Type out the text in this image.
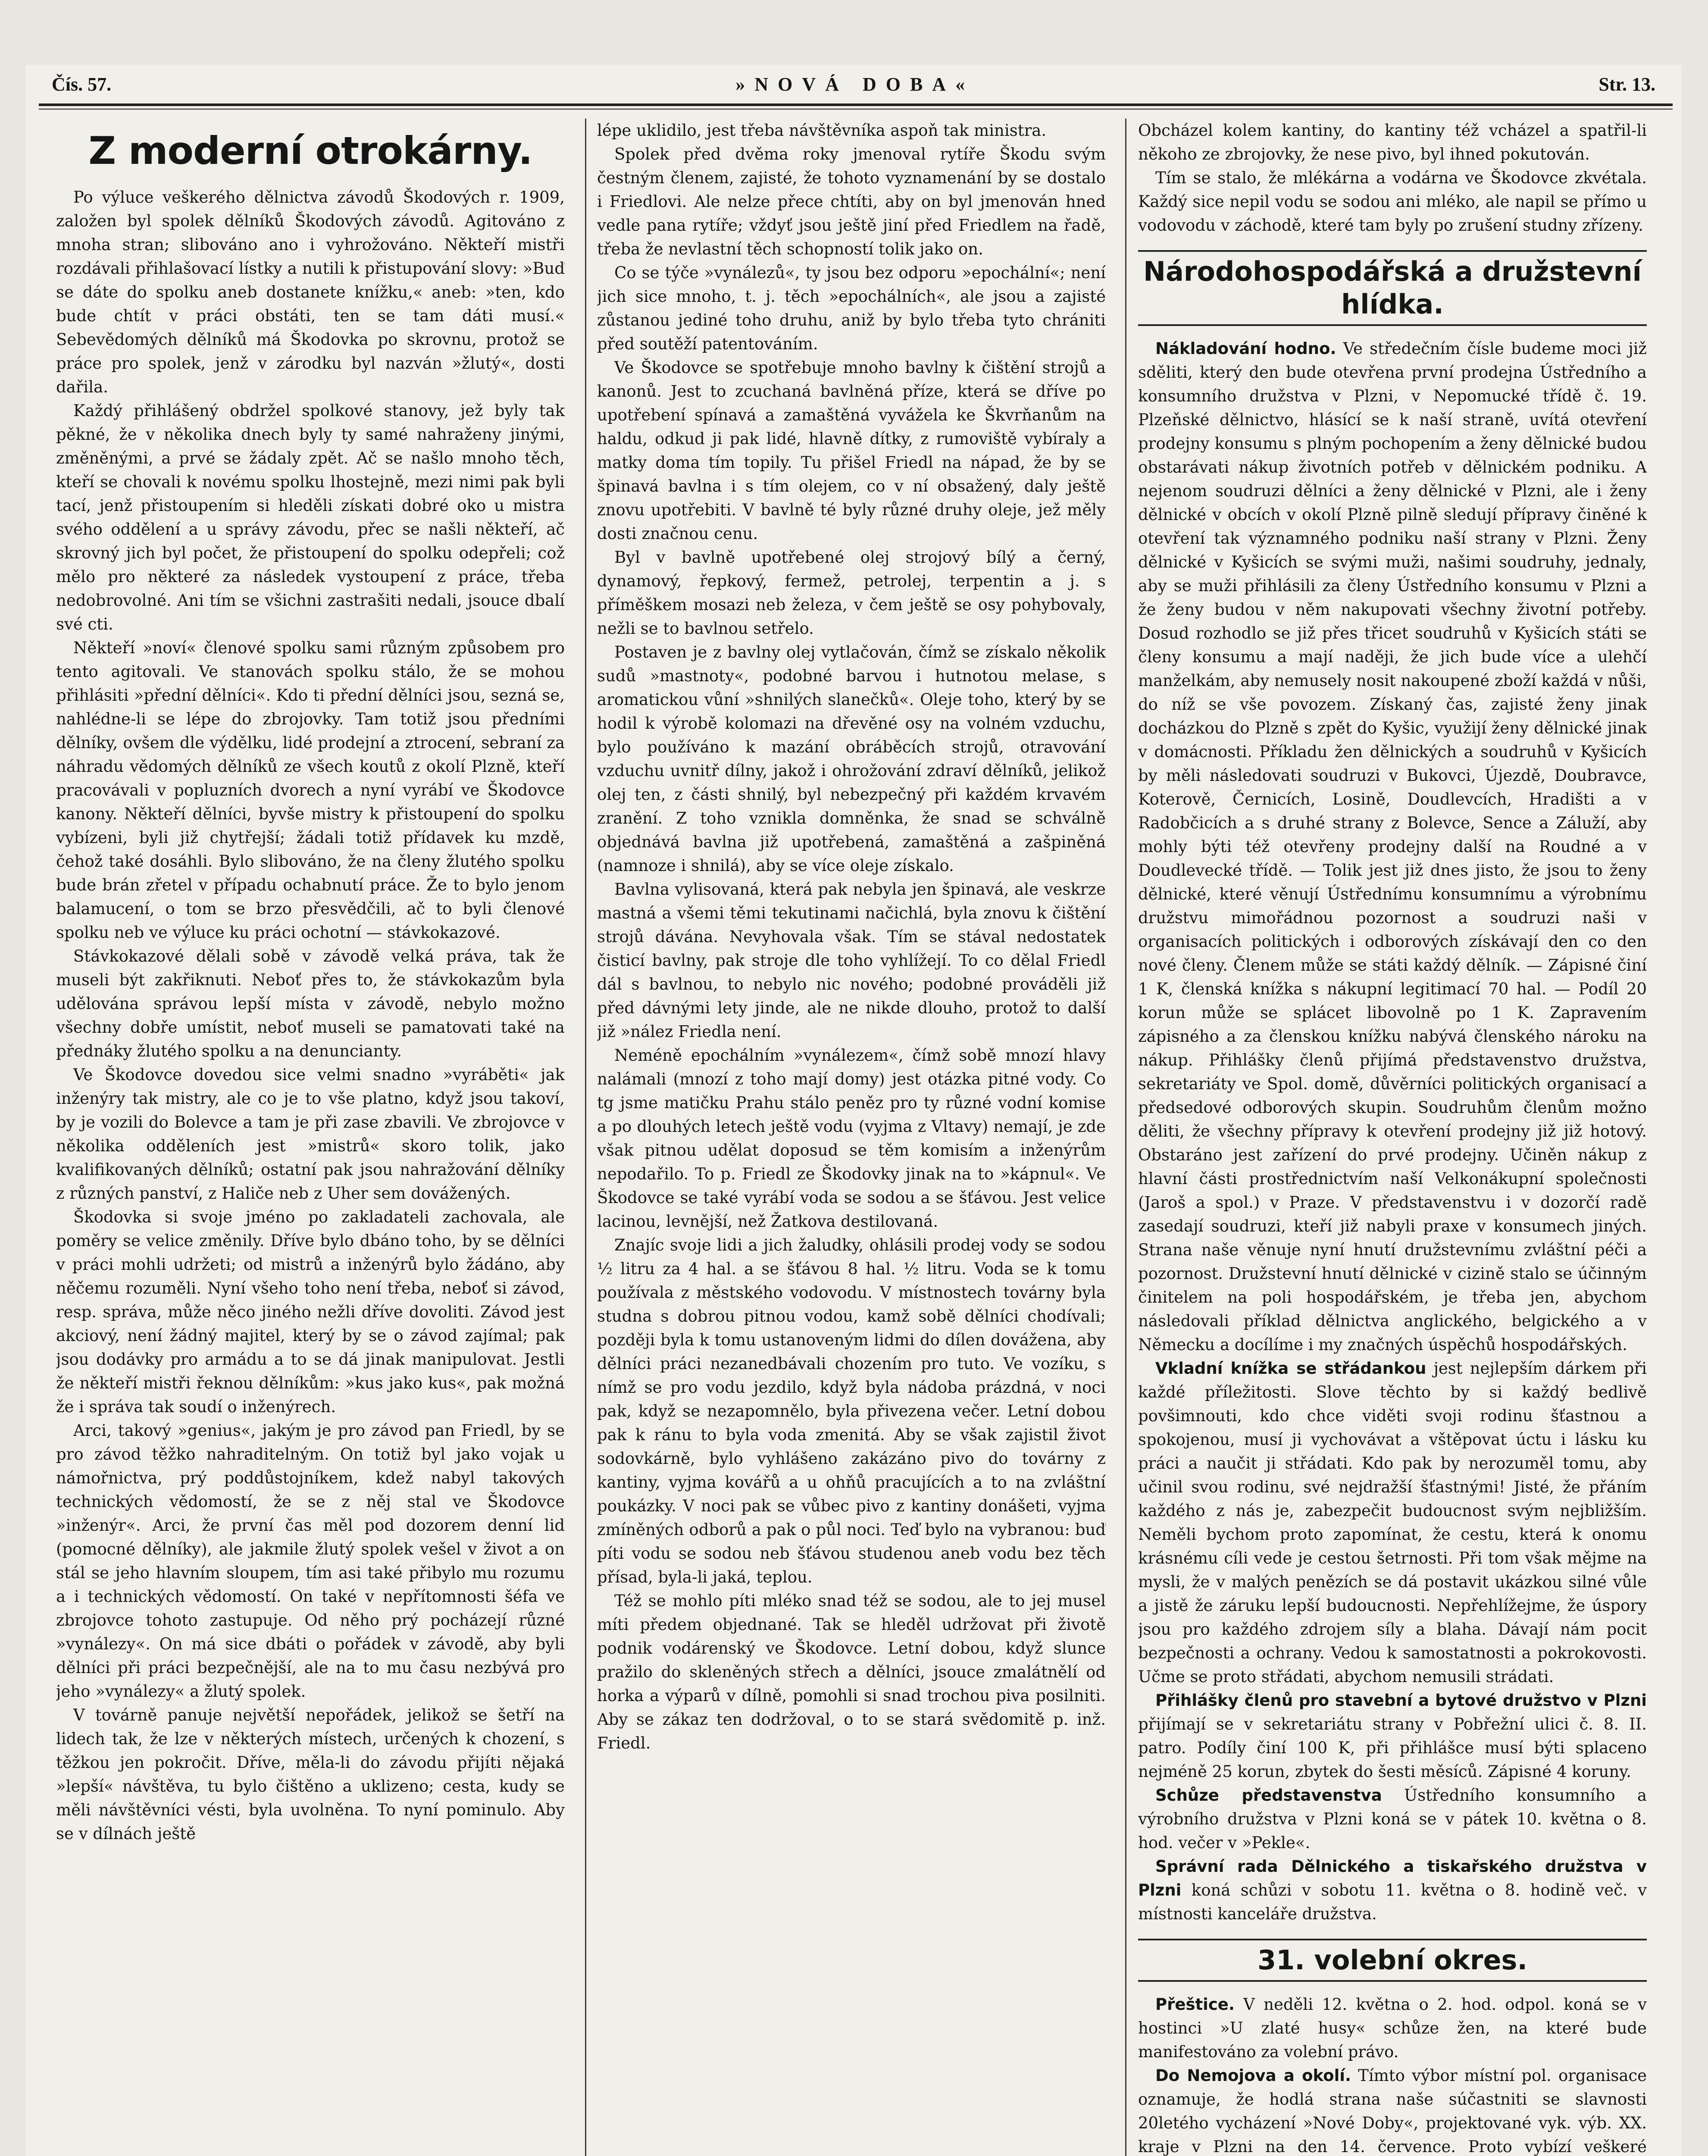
Čís. 57.	»NOVÁ DOBA«	Str. 13.
Z moderní otrokárny.

Po výluce veškerého dělnictva závodů Škodových r. 1909, založen byl spolek dělníků Škodových závodů. Agitováno z mnoha stran; slibováno ano i vyhrožováno. Někteří mistři rozdávali přihlašovací lístky a nutili k přistupování slovy: »Buď se dáte do spolku aneb dostanete knížku,« aneb: »ten, kdo bude chtít v práci obstáti, ten se tam dáti musí.« Sebevědomých dělníků má Škodovka po skrovnu, protož se práce pro spolek, jenž v zárodku byl nazván »žlutý«, dosti dařila.

Každý přihlášený obdržel spolkové stanovy, jež byly tak pěkné, že v několika dnech byly ty samé nahraženy jinými, změněnými, a prvé se žádaly zpět. Ač se našlo mnoho těch, kteří se chovali k novému spolku lhostejně, mezi nimi pak byli tací, jenž přistoupením si hleděli získati dobré oko u mistra svého oddělení a u správy závodu, přec se našli někteří, ač skrovný jich byl počet, že přistoupení do spolku odepřeli; což mělo pro některé za následek vystoupení z práce, třeba nedobrovolné. Ani tím se všichni zastrašiti nedali, jsouce dbalí své cti.

Někteří »noví« členové spolku sami různým způsobem pro tento agitovali. Ve stanovách spolku stálo, že se mohou přihlásiti »přední dělníci«. Kdo ti přední dělníci jsou, sezná se, nahlédne-li se lépe do zbrojovky. Tam totiž jsou předními dělníky, ovšem dle výdělku, lidé prodejní a ztrocení, sebraní za náhradu vědomých dělníků ze všech koutů z okolí Plzně, kteří pracovávali v popluzních dvorech a nyní vyrábí ve Škodovce kanony. Někteří dělníci, byvše mistry k přistoupení do spolku vybízeni, byli již chytřejší; žádali totiž přídavek ku mzdě, čehož také dosáhli. Bylo slibováno, že na členy žlutého spolku bude brán zřetel v případu ochabnutí práce. Že to bylo jenom balamucení, o tom se brzo přesvědčili, ač to byli členové spolku neb ve výluce ku práci ochotní — stávkokazové.

Stávkokazové dělali sobě v závodě velká práva, tak že museli být zakřiknuti. Neboť přes to, že stávkokazům byla udělována správou lepší místa v závodě, nebylo možno všechny dobře umístit, neboť museli se pamatovati také na přednáky žlutého spolku a na denuncianty.

Ve Škodovce dovedou sice velmi snadno »vyráběti« jak inženýry tak mistry, ale co je to vše platno, když jsou takoví, by je vozili do Bolevce a tam je při zase zbavili. Ve zbrojovce v několika odděleních jest »mistrů« skoro tolik, jako kvalifikovaných dělníků; ostatní pak jsou nahražování dělníky z různých panství, z Haliče neb z Uher sem dovážených.

Škodovka si svoje jméno po zakladateli zachovala, ale poměry se velice změnily. Dříve bylo dbáno toho, by se dělníci v práci mohli udržeti; od mistrů a inženýrů bylo žádáno, aby něčemu rozuměli. Nyní všeho toho není třeba, neboť si závod, resp. správa, může něco jiného nežli dříve dovoliti. Závod jest akciový, není žádný majitel, který by se o závod zajímal; pak jsou dodávky pro armádu a to se dá jinak manipulovat. Jestli že někteří mistři řeknou dělníkům: »kus jako kus«, pak možná že i správa tak soudí o inženýrech.

Arci, takový »genius«, jakým je pro závod pan Friedl, by se pro závod těžko nahraditelným. On totiž byl jako vojak u námořnictva, prý poddůstojníkem, kdež nabyl takových technických vědomostí, že se z něj stal ve Škodovce »inženýr«. Arci, že první čas měl pod dozorem denní lid (pomocné dělníky), ale jakmile žlutý spolek vešel v život a on stál se jeho hlavním sloupem, tím asi také přibylo mu rozumu a i technických vědomostí. On také v nepřítomnosti šéfa ve zbrojovce tohoto zastupuje. Od něho prý pocházejí různé »vynálezy«. On má sice dbáti o pořádek v závodě, aby byli dělníci při práci bezpečnější, ale na to mu času nezbývá pro jeho »vynálezy« a žlutý spolek.

V továrně panuje největší nepořádek, jelikož se šetří na lidech tak, že lze v některých místech, určených k chození, s těžkou jen pokročit. Dříve, měla-li do závodu přijíti nějaká »lepší« návštěva, tu bylo čištěno a uklizeno; cesta, kudy se měli návštěvníci vésti, byla uvolněna. To nyní pominulo. Aby se v dílnách ještě

lépe uklidilo, jest třeba návštěvníka aspoň tak ministra.

Spolek před dvěma roky jmenoval rytíře Škodu svým čestným členem, zajisté, že tohoto vyznamenání by se dostalo i Friedlovi. Ale nelze přece chtíti, aby on byl jmenován hned vedle pana rytíře; vždyť jsou ještě jiní před Friedlem na řadě, třeba že nevlastní těch schopností tolik jako on.

Co se týče »vynálezů«, ty jsou bez odporu »epochální«; není jich sice mnoho, t. j. těch »epochálních«, ale jsou a zajisté zůstanou jediné toho druhu, aniž by bylo třeba tyto chrániti před soutěží patentováním.

Ve Škodovce se spotřebuje mnoho bavlny k čištění strojů a kanonů. Jest to zcuchaná bavlněná příze, která se dříve po upotřebení spínavá a zamaštěná vyvážela ke Škvrňanům na haldu, odkud ji pak lidé, hlavně dítky, z rumoviště vybíraly a matky doma tím topily. Tu přišel Friedl na nápad, že by se špinavá bavlna i s tím olejem, co v ní obsažený, daly ještě znovu upotřebiti. V bavlně té byly různé druhy oleje, jež měly dosti značnou cenu.

Byl v bavlně upotřebené olej strojový bílý a černý, dynamový, řepkový, fermež, petrolej, terpentin a j. s příměškem mosazi neb železa, v čem ještě se osy pohybovaly, nežli se to bavlnou setřelo.

Postaven je z bavlny olej vytlačován, čímž se získalo několik sudů »mastnoty«, podobné barvou i hutnotou melase, s aromatickou vůní »shnilých slanečků«. Oleje toho, který by se hodil k výrobě kolomazi na dřevěné osy na volném vzduchu, bylo používáno k mazání obráběcích strojů, otravování vzduchu uvnitř dílny, jakož i ohrožování zdraví dělníků, jelikož olej ten, z části shnilý, byl nebezpečný při každém krvavém zranění. Z toho vznikla domněnka, že snad se schválně objednává bavlna již upotřebená, zamaštěná a zašpiněná (namnoze i shnilá), aby se více oleje získalo.

Bavlna vylisovaná, která pak nebyla jen špinavá, ale veskrze mastná a všemi těmi tekutinami načichlá, byla znovu k čištění strojů dávána. Nevyhovala však. Tím se stával nedostatek čisticí bavlny, pak stroje dle toho vyhlížejí. To co dělal Friedl dál s bavlnou, to nebylo nic nového; podobné prováděli již před dávnými lety jinde, ale ne nikde dlouho, protož to další již »nález Friedla není.

Neméně epochálním »vynálezem«, čímž sobě mnozí hlavy nalámali (mnozí z toho mají domy) jest otázka pitné vody. Co tg jsme matičku Prahu stálo peněz pro ty různé vodní komise a po dlouhých letech ještě vodu (vyjma z Vltavy) nemají, je zde však pitnou udělat doposud se těm komisím a inženýrům nepodařilo. To p. Friedl ze Škodovky jinak na to »kápnul«. Ve Škodovce se také vyrábí voda se sodou a se šťávou. Jest velice lacinou, levnější, než Žatkova destilovaná.

Znajíc svoje lidi a jich žaludky, ohlásili prodej vody se sodou ½ litru za 4 hal. a se šťávou 8 hal. ½ litru. Voda se k tomu používala z městského vodovodu. V místnostech továrny byla studna s dobrou pitnou vodou, kamž sobě dělníci chodívali; později byla k tomu ustanoveným lidmi do dílen dovážena, aby dělníci práci nezanedbávali chozením pro tuto. Ve vozíku, s nímž se pro vodu jezdilo, když byla nádoba prázdná, v noci pak, když se nezapomnělo, byla přivezena večer. Letní dobou pak k ránu to byla voda zmenitá. Aby se však zajistil život sodovkárně, bylo vyhlášeno zakázáno pivo do továrny z kantiny, vyjma kovářů a u ohňů pracujících a to na zvláštní poukázky. V noci pak se vůbec pivo z kantiny donášeti, vyjma zmíněných odborů a pak o půl noci. Teď bylo na vybranou: buď píti vodu se sodou neb šťávou studenou aneb vodu bez těch přísad, byla-li jaká, teplou.

Též se mohlo píti mléko snad též se sodou, ale to jej musel míti předem objednané. Tak se hleděl udržovat při životě podnik vodárenský ve Škodovce. Letní dobou, když slunce pražilo do skleněných střech a dělníci, jsouce zmalátnělí od horka a výparů v dílně, pomohli si snad trochou piva posilniti. Aby se zákaz ten dodržoval, o to se stará svědomitě p. inž. Friedl.

Obcházel kolem kantiny, do kantiny též vcházel a spatřil-li někoho ze zbrojovky, že nese pivo, byl ihned pokutován.

Tím se stalo, že mlékárna a vodárna ve Škodovce zkvétala. Každý sice nepil vodu se sodou ani mléko, ale napil se přímo u vodovodu v záchodě, které tam byly po zrušení studny zřízeny.

Národohospodářská a družstevní hlídka.

Nákladování hodno. Ve středečním čísle budeme moci již sděliti, který den bude otevřena první prodejna Ústředního a konsumního družstva v Plzni, v Nepomucké třídě č. 19. Plzeňské dělnictvo, hlásící se k naší straně, uvítá otevření prodejny konsumu s plným pochopením a ženy dělnické budou obstarávati nákup životních potřeb v dělnickém podniku. A nejenom soudruzi dělníci a ženy dělnické v Plzni, ale i ženy dělnické v obcích v okolí Plzně pilně sledují přípravy činěné k otevření tak významného podniku naší strany v Plzni. Ženy dělnické v Kyšicích se svými muži, našimi soudruhy, jednaly, aby se muži přihlásili za členy Ústředního konsumu v Plzni a že ženy budou v něm nakupovati všechny životní potřeby. Dosud rozhodlo se již přes třicet soudruhů v Kyšicích státi se členy konsumu a mají naději, že jich bude více a ulehčí manželkám, aby nemusely nosit nakoupené zboží každá v nůši, do níž se vše povozem. Získaný čas, zajisté ženy jinak docházkou do Plzně s zpět do Kyšic, využijí ženy dělnické jinak v domácnosti. Příkladu žen dělnických a soudruhů v Kyšicích by měli následovati soudruzi v Bukovci, Újezdě, Doubravce, Koterově, Černicích, Losině, Doudlevcích, Hradišti a v Radobčicích a s druhé strany z Bolevce, Sence a Záluží, aby mohly býti též otevřeny prodejny další na Roudné a v Doudlevecké třídě. — Tolik jest již dnes jisto, že jsou to ženy dělnické, které věnují Ústřednímu konsumnímu a výrobnímu družstvu mimořádnou pozornost a soudruzi naši v organisacích politických i odborových získávají den co den nové členy. Členem může se státi každý dělník. — Zápisné činí 1 K, členská knížka s nákupní legitimací 70 hal. — Podíl 20 korun může se splácet libovolně po 1 K. Zapravením zápisného a za členskou knížku nabývá členského nároku na nákup. Přihlášky členů přijímá představenstvo družstva, sekretariáty ve Spol. domě, důvěrníci politických organisací a předsedové odborových skupin. Soudruhům členům možno děliti, že všechny přípravy k otevření prodejny již již hotový. Obstaráno jest zařízení do prvé prodejny. Učiněn nákup z hlavní části prostřednictvím naší Velkonákupní společnosti (Jaroš a spol.) v Praze. V představenstvu i v dozorčí radě zasedají soudruzi, kteří již nabyli praxe v konsumech jiných. Strana naše věnuje nyní hnutí družstevnímu zvláštní péči a pozornost. Družstevní hnutí dělnické v cizině stalo se účinným činitelem na poli hospodářském, je třeba jen, abychom následovali příklad dělnictva anglického, belgického a v Německu a docílíme i my značných úspěchů hospodářských.

Vkladní knížka se střádankou jest nejlepším dárkem při každé příležitosti. Slove těchto by si každý bedlivě povšimnouti, kdo chce viděti svoji rodinu šťastnou a spokojenou, musí ji vychovávat a vštěpovat úctu i lásku ku práci a naučit ji střádati. Kdo pak by nerozuměl tomu, aby učinil svou rodinu, své nejdražší šťastnými! Jisté, že přáním každého z nás je, zabezpečit budoucnost svým nejbližším. Neměli bychom proto zapomínat, že cestu, která k onomu krásnému cíli vede je cestou šetrnosti. Při tom však mějme na mysli, že v malých penězích se dá postavit ukázkou silné vůle a jistě že záruku lepší budoucnosti. Nepřehlížejme, že úspory jsou pro každého zdrojem síly a blaha. Dávají nám pocit bezpečnosti a ochrany. Vedou k samostatnosti a pokrokovosti. Učme se proto střádati, abychom nemusili strádati.

Přihlášky členů pro stavební a bytové družstvo v Plzni přijímají se v sekretariátu strany v Pobřežní ulici č. 8. II. patro. Podíly činí 100 K, při přihlášce musí býti splaceno nejméně 25 korun, zbytek do šesti měsíců. Zápisné 4 koruny.

Schůze představenstva Ústředního konsumního a výrobního družstva v Plzni koná se v pátek 10. května o 8. hod. večer v »Pekle«.

Správní rada Dělnického a tiskařského družstva v Plzni koná schůzi v sobotu 11. května o 8. hodině več. v místnosti kanceláře družstva.

31. volební okres.

Přeštice. V neděli 12. května o 2. hod. odpol. koná se v hostinci »U zlaté husy« schůze žen, na které bude manifestováno za volební právo.

Do Nemojova a okolí. Tímto výbor místní pol. organisace oznamuje, že hodlá strana naše súčastniti se slavnosti 20letého vycházení »Nové Doby«, projektované vyk. výb. XX. kraje v Plzni na den 14. července. Proto vybízí veškeré
